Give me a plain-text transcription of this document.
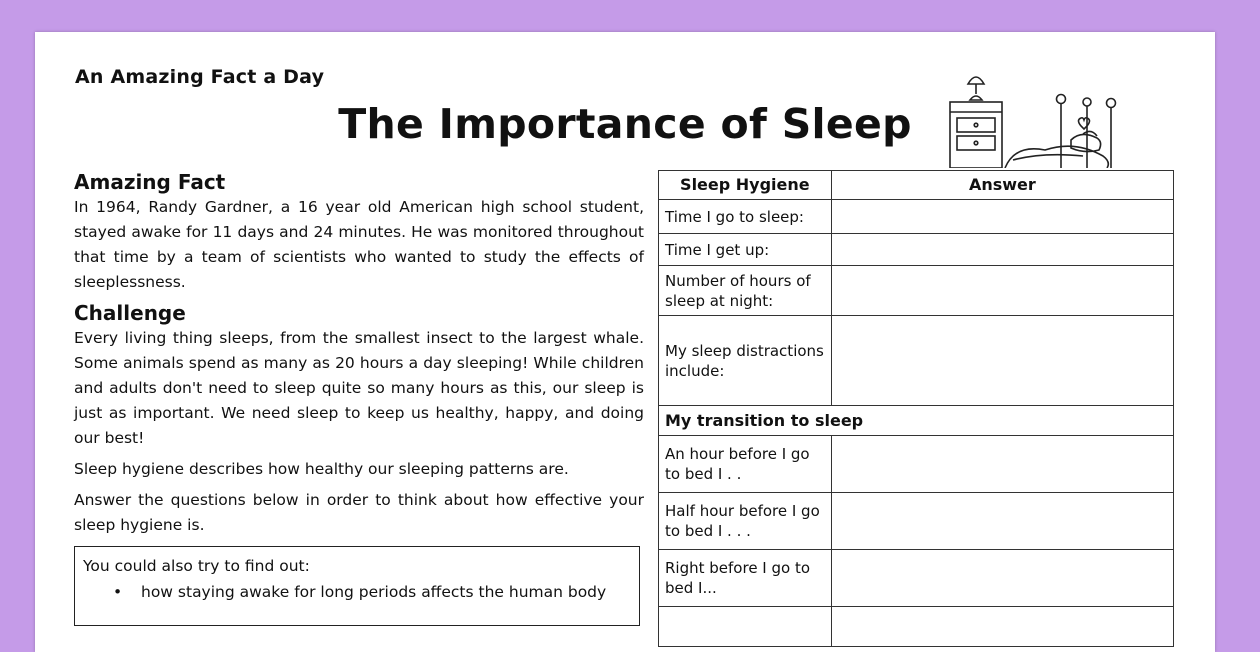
An Amazing Fact a Day
The Importance of Sleep
Amazing Fact

In 1964, Randy Gardner, a 16 year old American high school student, stayed awake for 11 days and 24 minutes. He was monitored throughout that time by a team of scientists who wanted to study the effects of sleeplessness.

Challenge

Every living thing sleeps, from the smallest insect to the largest whale. Some animals spend as many as 20 hours a day sleeping! While children and adults don't need to sleep quite so many hours as this, our sleep is just as important. We need sleep to keep us healthy, happy, and doing our best!

Sleep hygiene describes how healthy our sleeping patterns are.

Answer the questions below in order to think about how effective your sleep hygiene is.

You could also try to find out:
• how staying awake for long periods affects the human body
Sleep Hygiene	Answer
Time I go to sleep:	
Time I get up:	
Number of hours of sleep at night:	
My sleep distractions include:	
My transition to sleep	
An hour before I go to bed I . .	
Half hour before I go to bed I . . .	
Right before I go to bed I...	
